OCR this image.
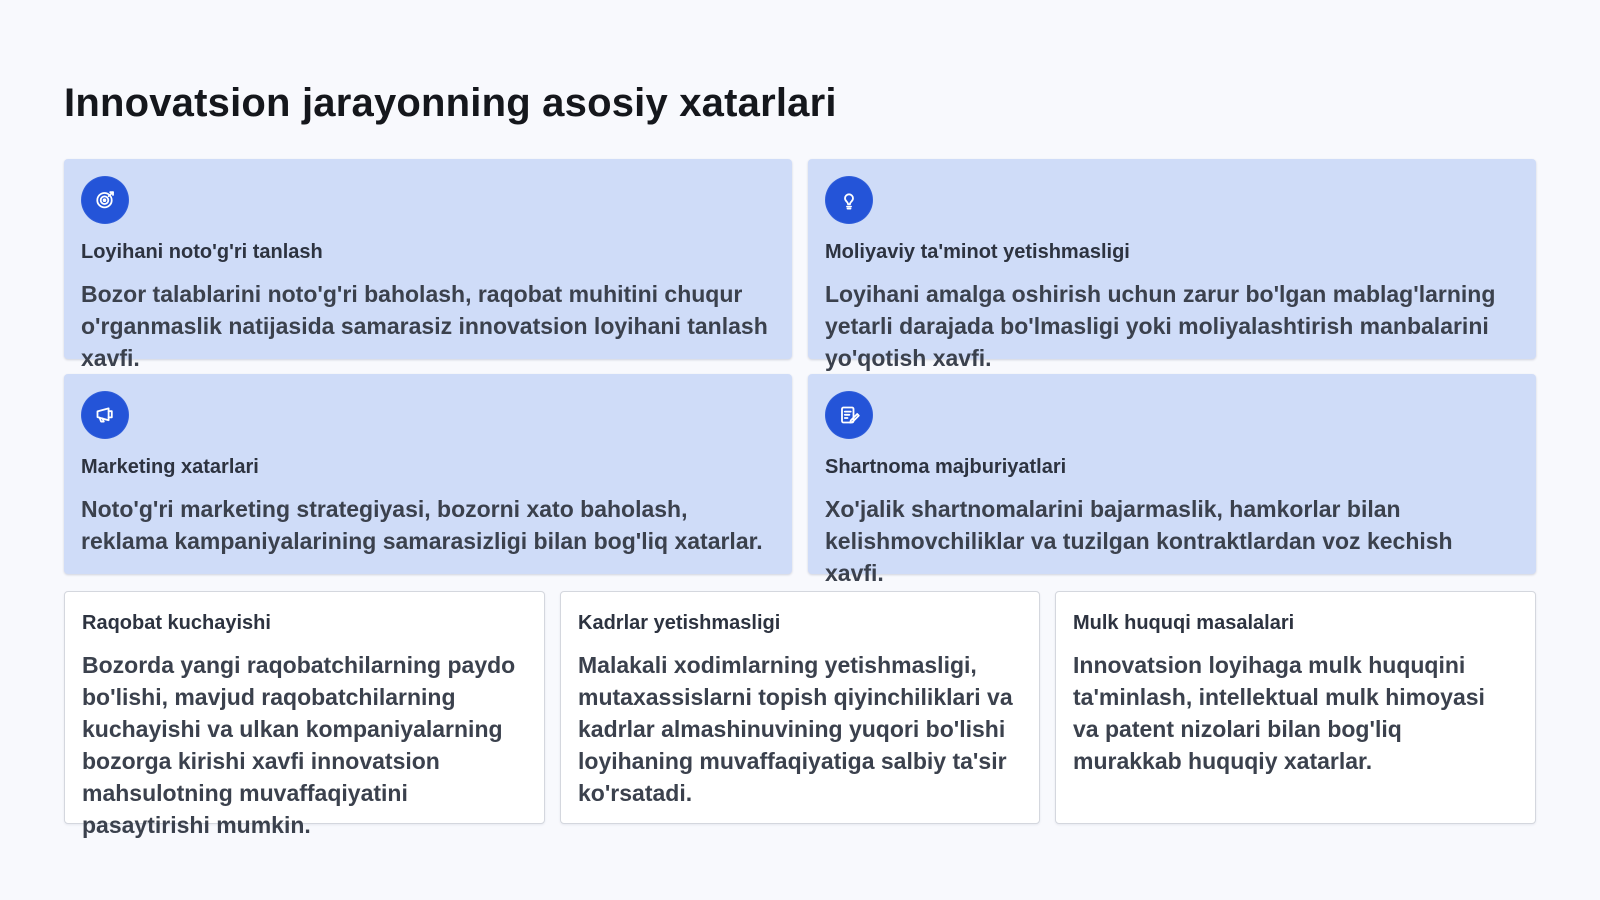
Innovatsion jarayonning asosiy xatarlari
Loyihani noto'g'ri tanlash

Bozor talablarini noto'g'ri baholash, raqobat muhitini chuqur o'rganmaslik natijasida samarasiz innovatsion loyihani tanlash xavfi.

Moliyaviy ta'minot yetishmasligi

Loyihani amalga oshirish uchun zarur bo'lgan mablag'larning yetarli darajada bo'lmasligi yoki moliyalashtirish manbalarini yo'qotish xavfi.

Marketing xatarlari

Noto'g'ri marketing strategiyasi, bozorni xato baholash, reklama kampaniyalarining samarasizligi bilan bog'liq xatarlar.

Shartnoma majburiyatlari

Xo'jalik shartnomalarini bajarmaslik, hamkorlar bilan kelishmovchiliklar va tuzilgan kontraktlardan voz kechish xavfi.

Raqobat kuchayishi

Bozorda yangi raqobatchilarning paydo bo'lishi, mavjud raqobatchilarning kuchayishi va ulkan kompaniyalarning bozorga kirishi xavfi innovatsion mahsulotning muvaffaqiyatini pasaytirishi mumkin.

Kadrlar yetishmasligi

Malakali xodimlarning yetishmasligi, mutaxassislarni topish qiyinchiliklari va kadrlar almashinuvining yuqori bo'lishi loyihaning muvaffaqiyatiga salbiy ta'sir ko'rsatadi.

Mulk huquqi masalalari

Innovatsion loyihaga mulk huquqini ta'minlash, intellektual mulk himoyasi va patent nizolari bilan bog'liq murakkab huquqiy xatarlar.
